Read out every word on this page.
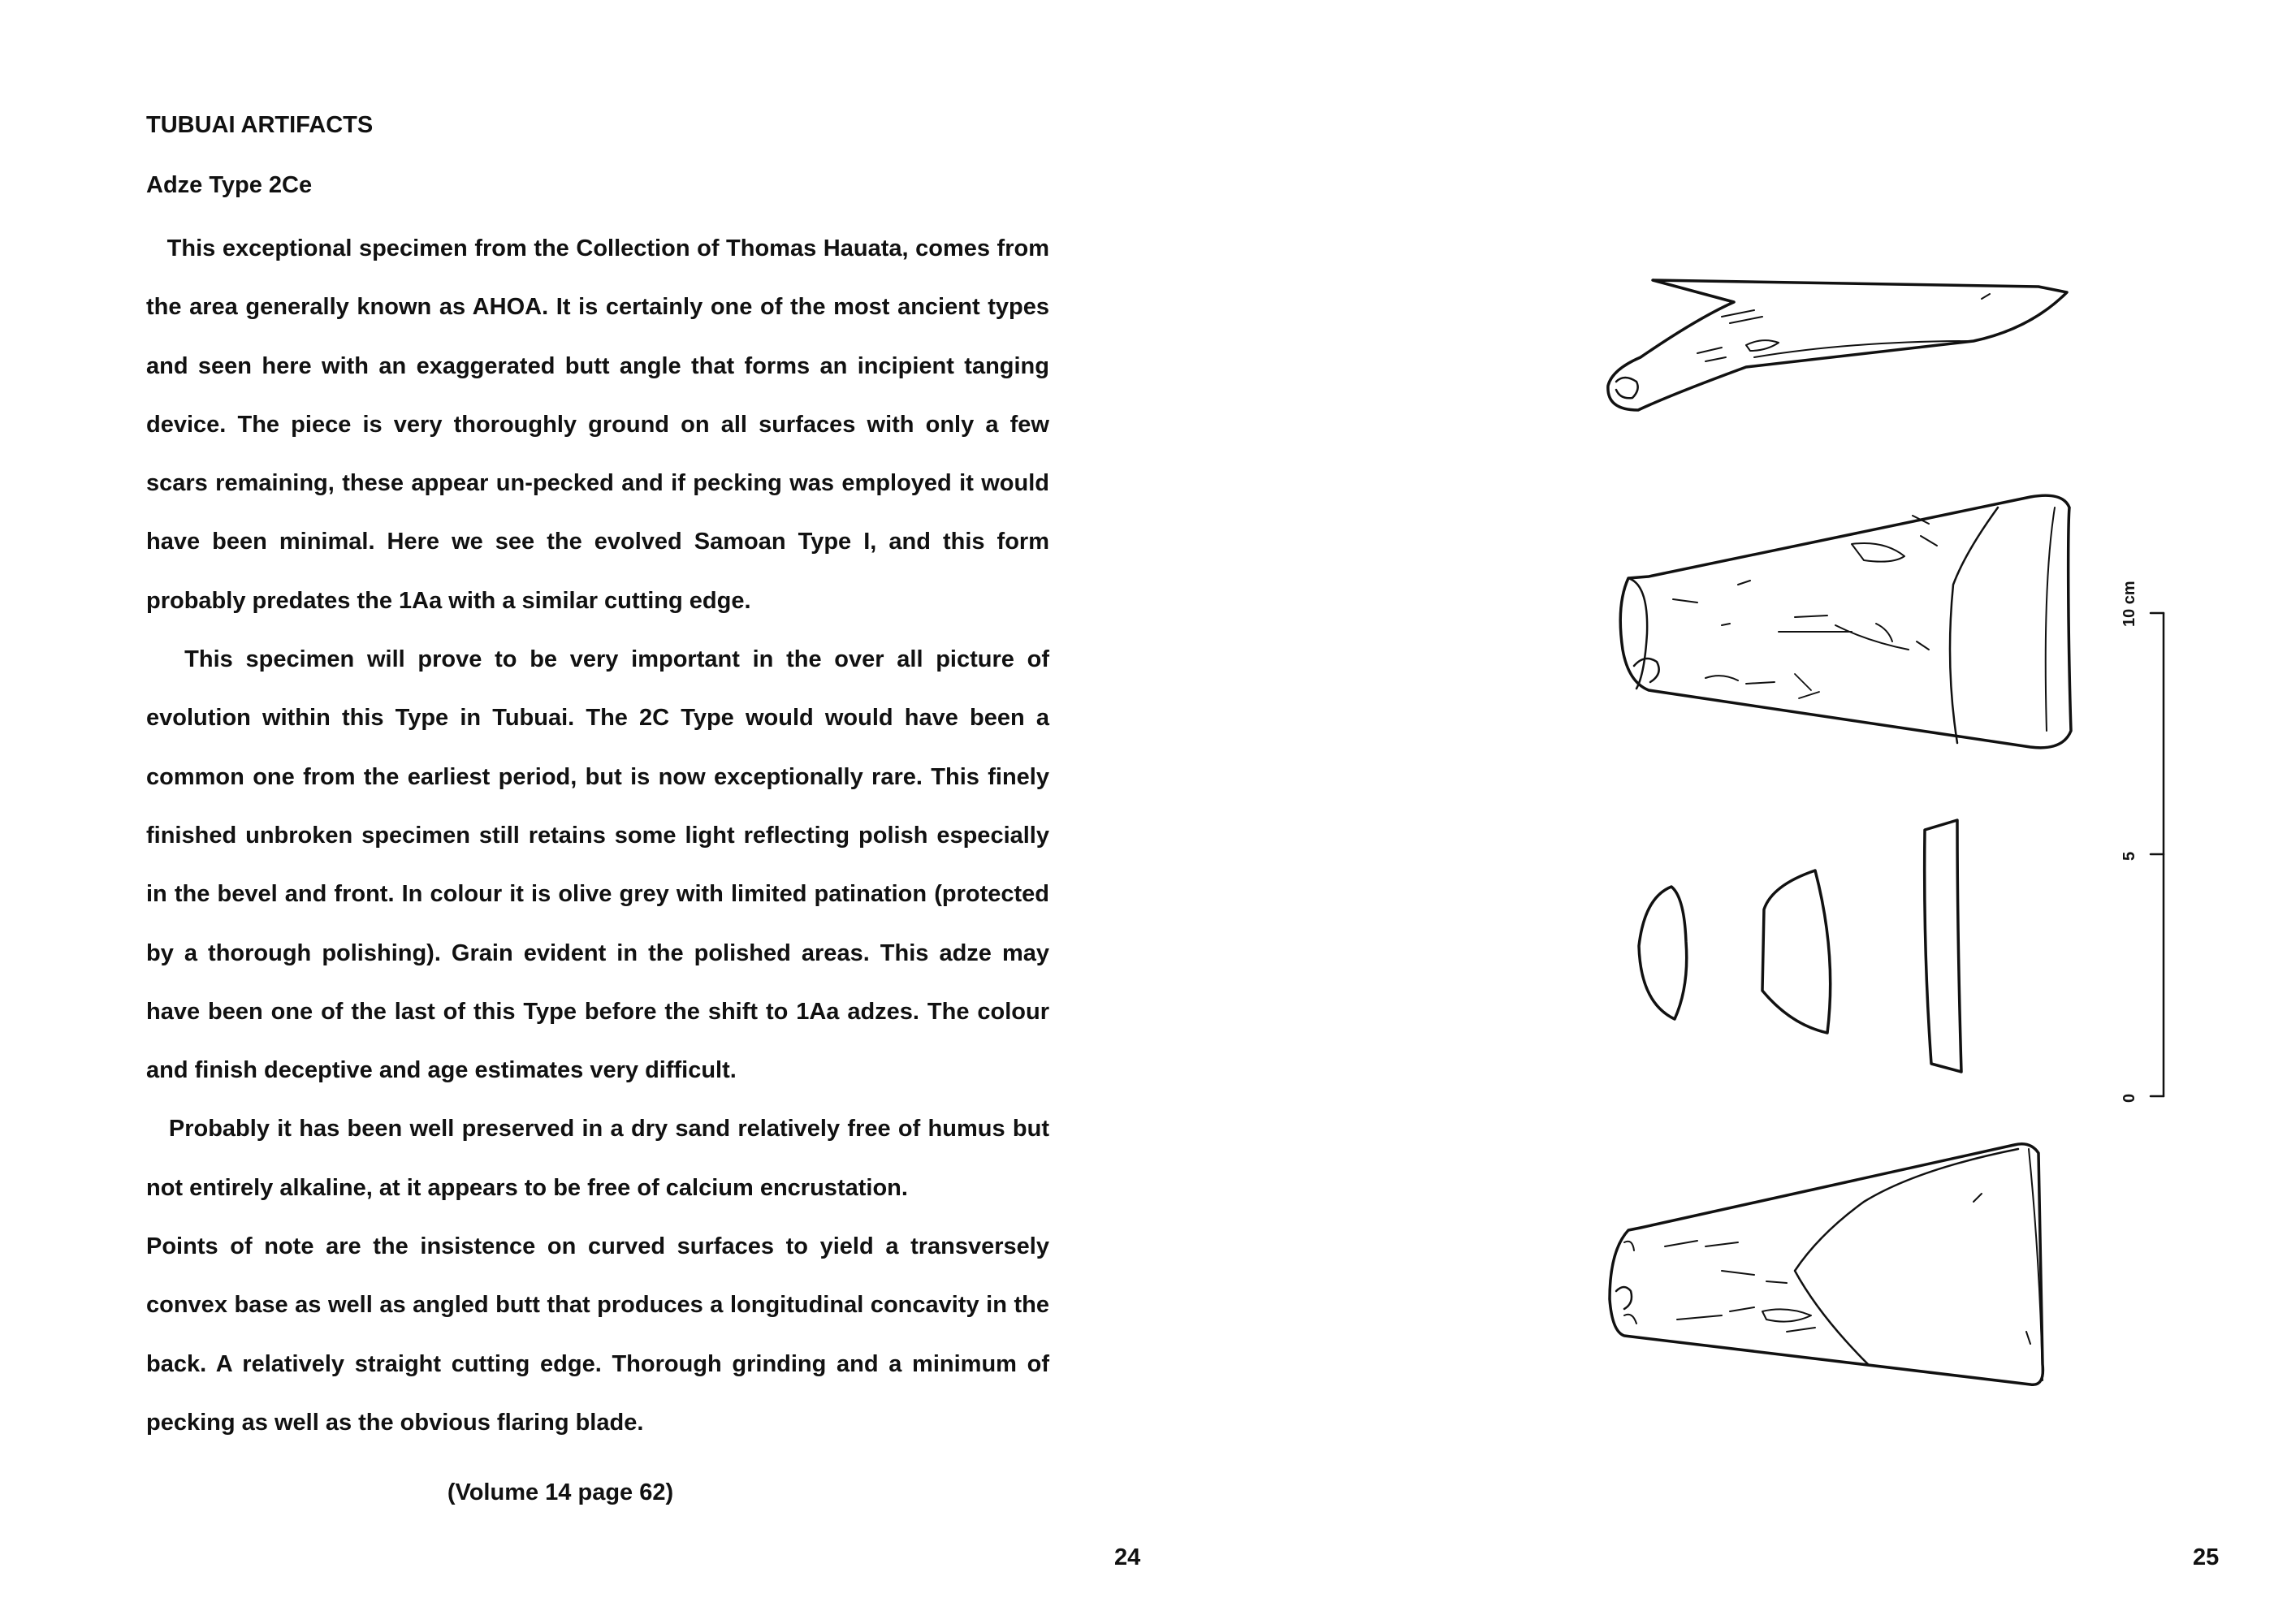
TUBUAI ARTIFACTS
Adze Type 2Ce

This exceptional specimen from the Collection of Thomas Hauata, comes from the area generally known as AHOA. It is certainly one of the most ancient types and seen here with an exaggerated butt angle that forms an incipient tanging device. The piece is very thoroughly ground on all surfaces with only a few scars remaining, these appear un-pecked and if pecking was employed it would have been minimal. Here we see the evolved Samoan Type I, and this form probably predates the 1Aa with a similar cutting edge.

This specimen will prove to be very important in the over all picture of evolution within this Type in Tubuai. The 2C Type would would have been a common one from the earliest period, but is now exceptionally rare. This finely finished unbroken specimen still retains some light reflecting polish especially in the bevel and front. In colour it is olive grey with limited patination (protected by a thorough polishing). Grain evident in the polished areas. This adze may have been one of the last of this Type before the shift to 1Aa adzes. The colour and finish deceptive and age estimates very difficult.

Probably it has been well preserved in a dry sand relatively free of humus but not entirely alkaline, at it appears to be free of calcium encrustation.

Points of note are the insistence on curved surfaces to yield a transversely convex base as well as angled butt that produces a longitudinal concavity in the back. A relatively straight cutting edge. Thorough grinding and a minimum of pecking as well as the obvious flaring blade.

(Volume 14 page 62)

24

10 cm
5
0

25
